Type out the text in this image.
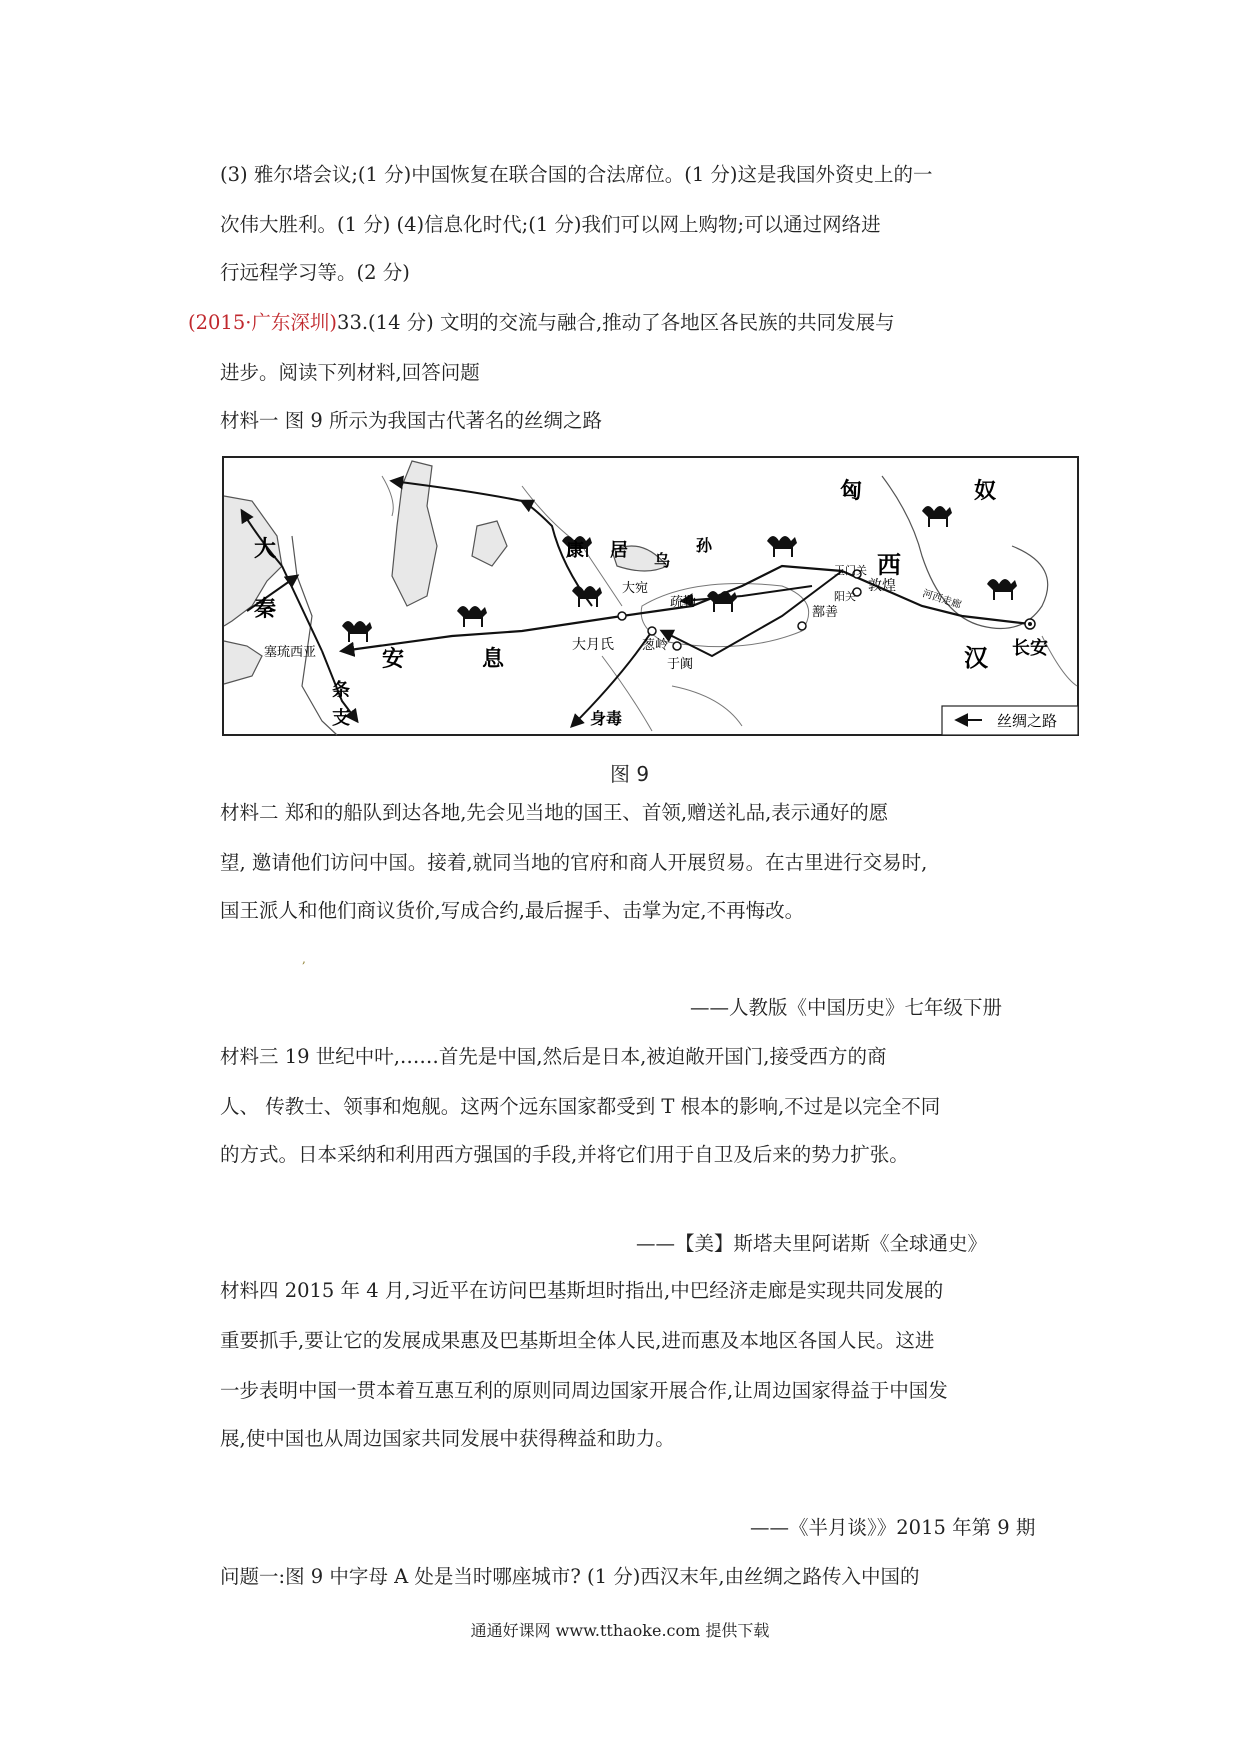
(3) 雅尔塔会议;(1 分)中国恢复在联合国的合法席位。(1 分)这是我国外资史上的一
次伟大胜利。(1 分) (4)信息化时代;(1 分)我们可以网上购物;可以通过网络进
行远程学习等。(2 分)
(2015·广东深圳)33.(14 分) 文明的交流与融合,推动了各地区各民族的共同发展与
进步。阅读下列材料,回答问题
材料一 图 9 所示为我国古代著名的丝绸之路
匈	奴
大
秦
康 居 乌
孙
西
玉门关
敦煌
阳关	河西走廊
大宛
疏勒
鄯善
大月氏 葱岭
于阗
安	息	汉 长安
塞琉西亚
条
支	身毒	丝绸之路
图 9
材料二 郑和的船队到达各地,先会见当地的国王、首领,赠送礼品,表示通好的愿
望, 邀请他们访问中国。接着,就同当地的官府和商人开展贸易。在古里进行交易时,
国王派人和他们商议货价,写成合约,最后握手、击掌为定,不再悔改。
,
——人教版《中国历史》七年级下册
材料三 19 世纪中叶,……首先是中国,然后是日本,被迫敞开国门,接受西方的商
人、 传教士、领事和炮舰。这两个远东国家都受到 T 根本的影响,不过是以完全不同
的方式。日本采纳和利用西方强国的手段,并将它们用于自卫及后来的势力扩张。
——【美】斯塔夫里阿诺斯《全球通史》
材料四 2015 年 4 月,习近平在访问巴基斯坦时指出,中巴经济走廊是实现共同发展的
重要抓手,要让它的发展成果惠及巴基斯坦全体人民,进而惠及本地区各国人民。这进
一步表明中国一贯本着互惠互利的原则同周边国家开展合作,让周边国家得益于中国发
展,使中国也从周边国家共同发展中获得稗益和助力。
——《半月谈》》2015 年第 9 期
问题一:图 9 中字母 A 处是当时哪座城市? (1 分)西汉末年,由丝绸之路传入中国的
通通好课网 www.tthaoke.com 提供下载
